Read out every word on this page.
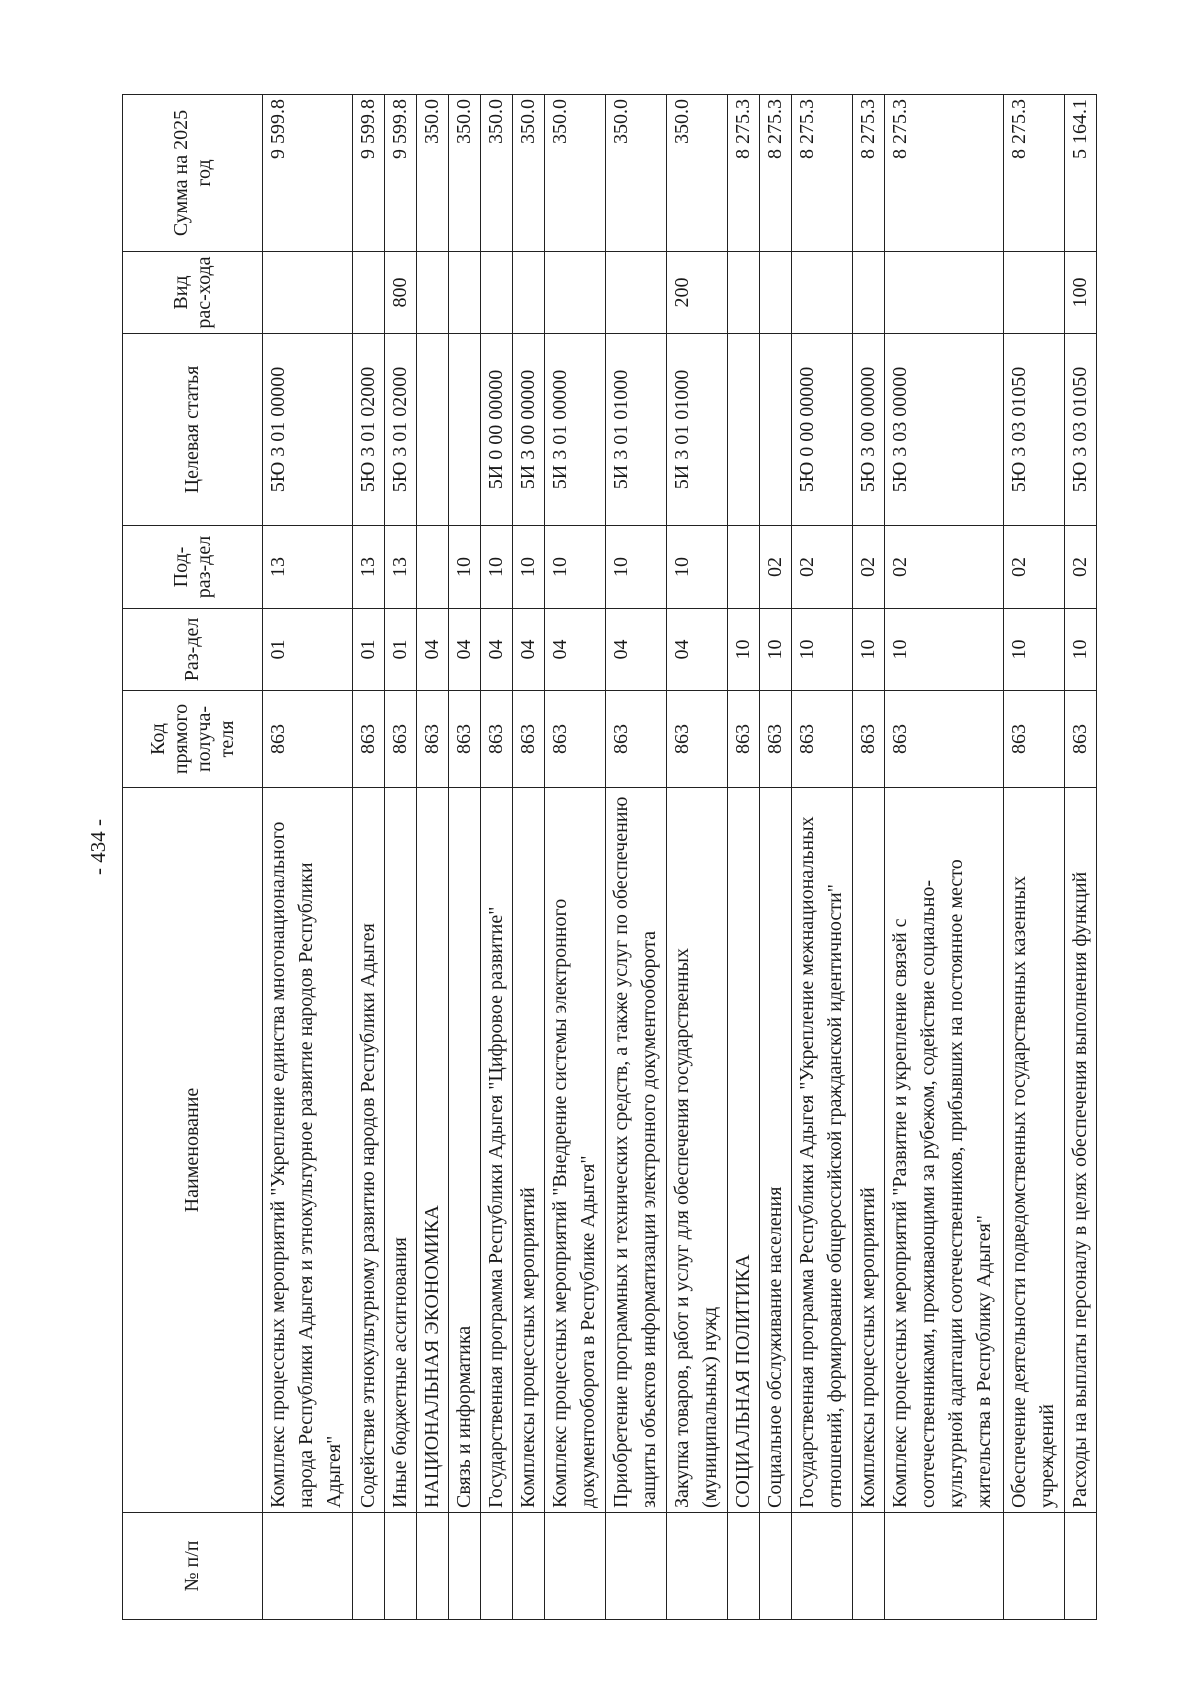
- 434 -
№ п/п	Наименование	Код прямого получа-теля	Раз-дел	Под-раз-дел	Целевая статья	Вид рас-хода	Сумма на 2025 год
	Комплекс процессных мероприятий "Укрепление единства многонационального народа Республики Адыгея и этнокультурное развитие народов Республики Адыгея"	863	01	13	5Ю 3 01 00000		9 599.8
	Содействие этнокультурному развитию народов Республики Адыгея	863	01	13	5Ю 3 01 02000		9 599.8
	Иные бюджетные ассигнования	863	01	13	5Ю 3 01 02000	800	9 599.8
	НАЦИОНАЛЬНАЯ ЭКОНОМИКА	863	04				350.0
	Связь и информатика	863	04	10			350.0
	Государственная программа Республики Адыгея "Цифровое развитие"	863	04	10	5И 0 00 00000		350.0
	Комплексы процессных мероприятий	863	04	10	5И 3 00 00000		350.0
	Комплекс процессных мероприятий "Внедрение системы электронного документооборота в Республике Адыгея"	863	04	10	5И 3 01 00000		350.0
	Приобретение программных и технических средств, а также услуг по обеспечению защиты объектов информатизации электронного документооборота	863	04	10	5И 3 01 01000		350.0
	Закупка товаров, работ и услуг для обеспечения государственных (муниципальных) нужд	863	04	10	5И 3 01 01000	200	350.0
	СОЦИАЛЬНАЯ ПОЛИТИКА	863	10				8 275.3
	Социальное обслуживание населения	863	10	02			8 275.3
	Государственная программа Республики Адыгея "Укрепление межнациональных отношений, формирование общероссийской гражданской идентичности"	863	10	02	5Ю 0 00 00000		8 275.3
	Комплексы процессных мероприятий	863	10	02	5Ю 3 00 00000		8 275.3
	Комплекс процессных мероприятий "Развитие и укрепление связей с соотечественниками, проживающими за рубежом, содействие социально-культурной адаптации соотечественников, прибывших на постоянное место жительства в Республику Адыгея"	863	10	02	5Ю 3 03 00000		8 275.3
	Обеспечение деятельности подведомственных государственных казенных учреждений	863	10	02	5Ю 3 03 01050		8 275.3
	Расходы на выплаты персоналу в целях обеспечения выполнения функций	863	10	02	5Ю 3 03 01050	100	5 164.1
